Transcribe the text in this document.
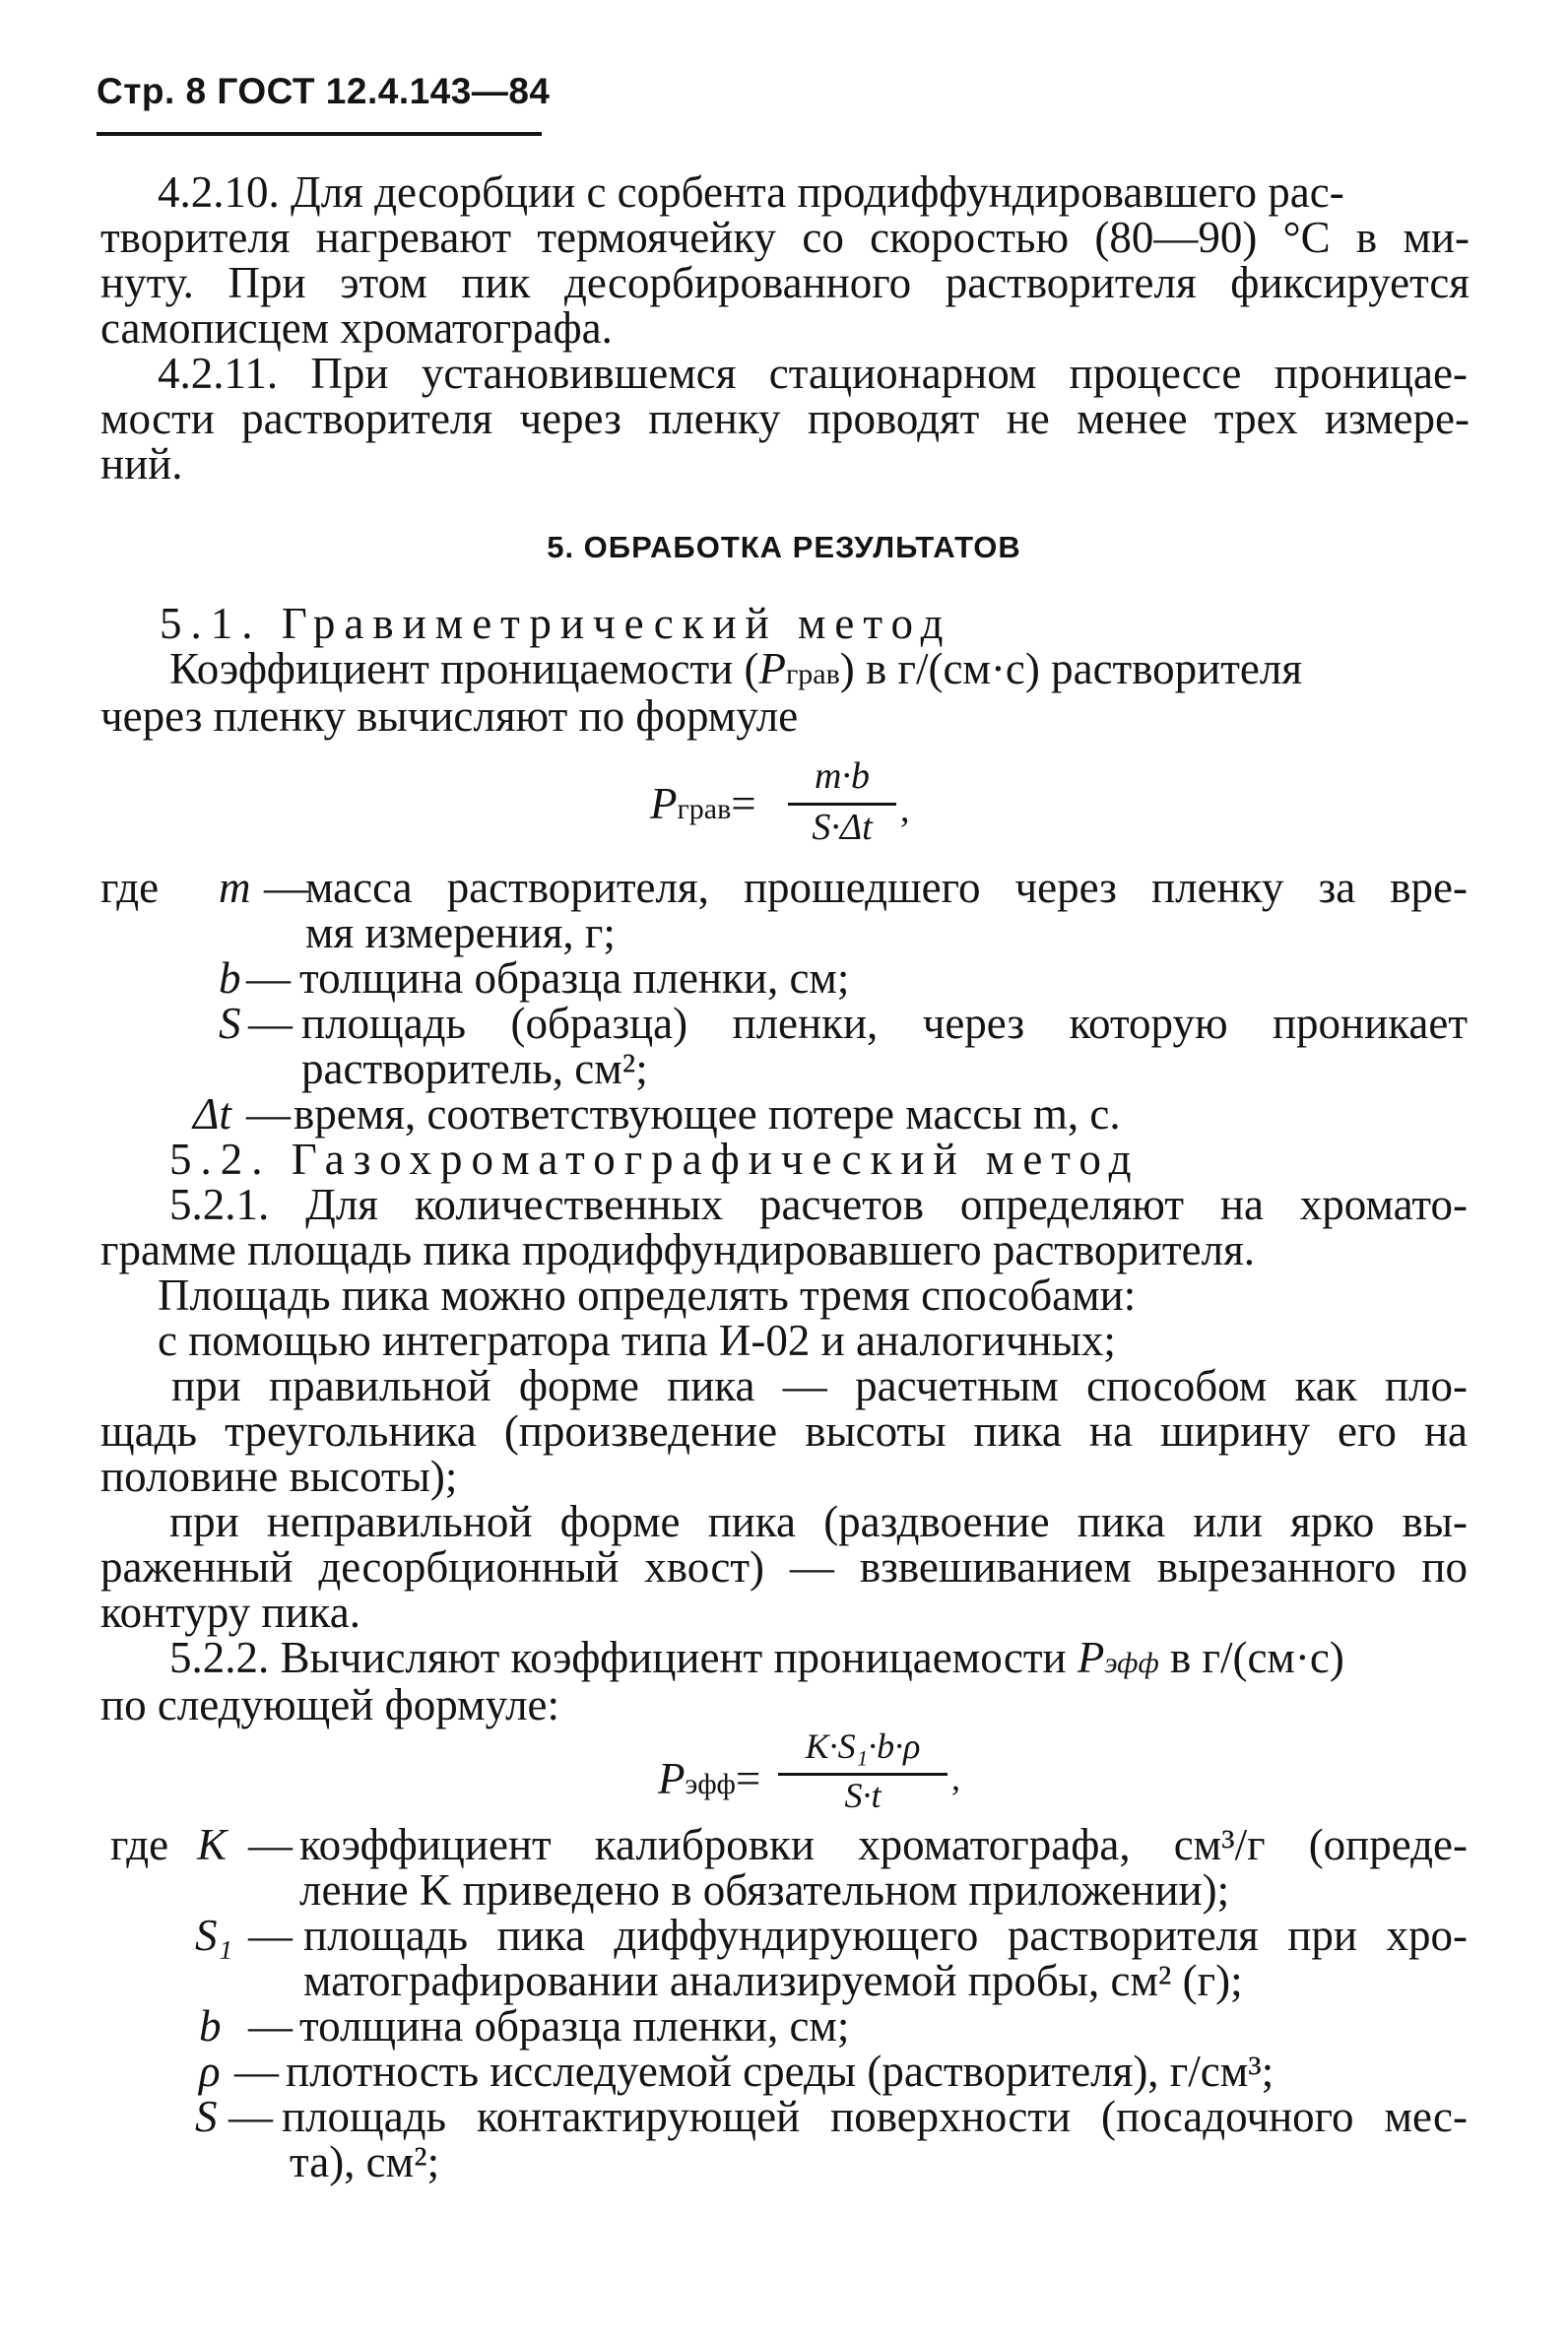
Стр. 8 ГОСТ 12.4.143—84
4.2.10. Для десорбции с сорбента продиффундировавшего рас-
творителя нагревают термоячейку со скоростью (80—90) °С в ми-
нуту. При этом пик десорбированного растворителя фиксируется
самописцем хроматографа.
4.2.11. При установившемся стационарном процессе проницае-
мости растворителя через пленку проводят не менее трех измере-
ний.
5. ОБРАБОТКА РЕЗУЛЬТАТОВ
5.1. Гравиметрический метод
Коэффициент проницаемости (Pграв) в г/(см·с) растворителя
через пленку вычисляют по формуле
Pграв=
m·b
S·Δt ,
где m —
масса растворителя, прошедшего через пленку за вре-
мя измерения, г;
b — толщина образца пленки, см;
S — площадь (образца) пленки, через которую проникает
растворитель, см²;
Δt — время, соответствующее потере массы m, с.
5.2. Газохроматографический метод
5.2.1. Для количественных расчетов определяют на хромато-
грамме площадь пика продиффундировавшего растворителя.
Площадь пика можно определять тремя способами:
с помощью интегратора типа И-02 и аналогичных;
при правильной форме пика — расчетным способом как пло-
щадь треугольника (произведение высоты пика на ширину его на
половине высоты);
при неправильной форме пика (раздвоение пика или ярко вы-
раженный десорбционный хвост) — взвешиванием вырезанного по
контуру пика.
5.2.2. Вычисляют коэффициент проницаемости Pэфф в г/(см·с)
по следующей формуле:
Pэфф=
K·S₁·b·ρ
S·t	,
где K — коэффициент калибровки хроматографа, см³/г (опреде-
ление K приведено в обязательном приложении);
S₁ — площадь пика диффундирующего растворителя при хро-
матографировании анализируемой пробы, см² (г);
b — толщина образца пленки, см;
ρ — плотность исследуемой среды (растворителя), г/см³;
S — площадь контактирующей поверхности (посадочного мес-
та), см²;
